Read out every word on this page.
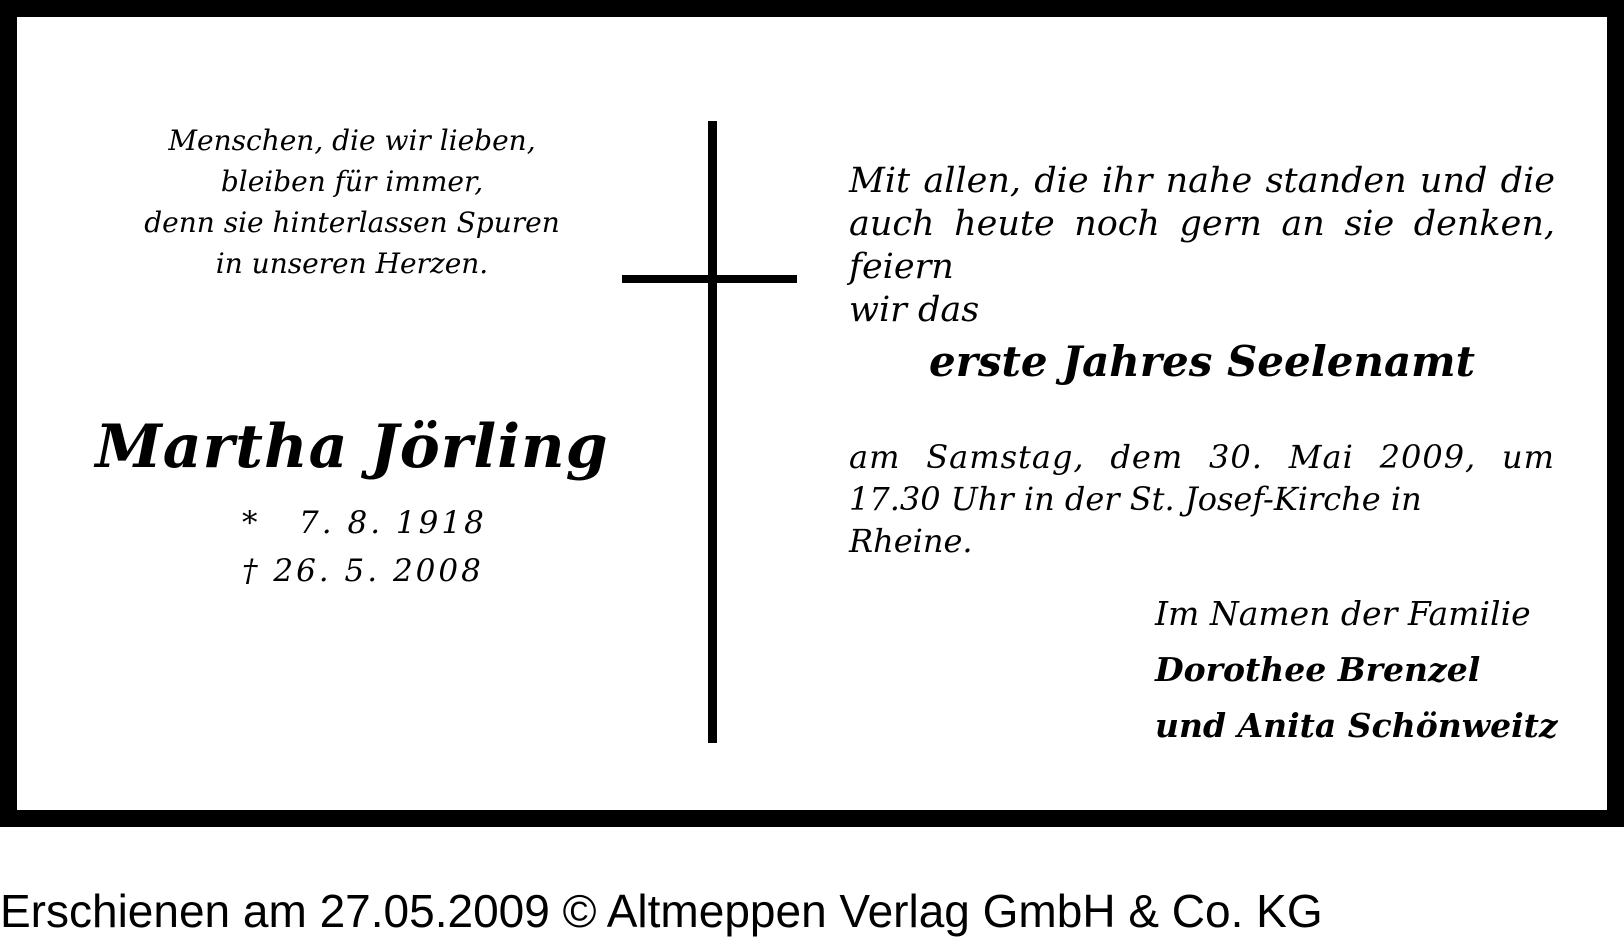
Menschen, die wir lieben,
bleiben für immer,
denn sie hinterlassen Spuren
in unseren Herzen.
Martha Jörling
*   7. 8. 1918
† 26. 5. 2008
Mit allen, die ihr nahe standen und die
auch heute noch gern an sie denken, feiern
wir das
erste Jahres Seelenamt
am Samstag, dem 30. Mai 2009, um
17.30 Uhr in der St. Josef-Kirche in Rheine.
Im Namen der Familie
Dorothee Brenzel
und Anita Schönweitz
Erschienen am 27.05.2009 © Altmeppen Verlag GmbH & Co. KG
